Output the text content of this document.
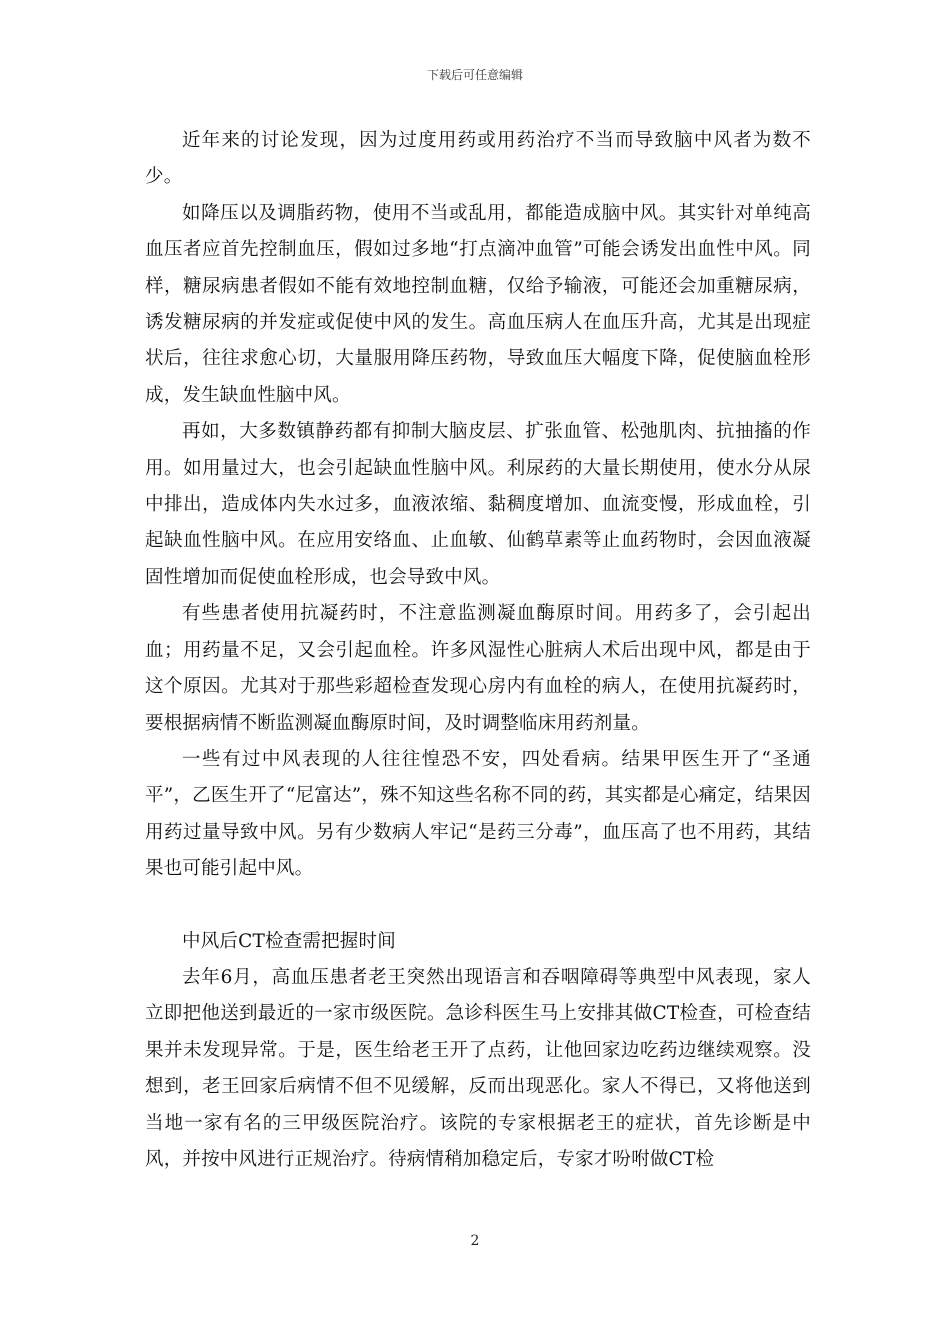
下载后可任意编辑

近年来的讨论发现，因为过度用药或用药治疗不当而导致脑中风者为数不少。

如降压以及调脂药物，使用不当或乱用，都能造成脑中风。其实针对单纯高血压者应首先控制血压，假如过多地“打点滴冲血管”可能会诱发出血性中风。同样，糖尿病患者假如不能有效地控制血糖，仅给予输液，可能还会加重糖尿病，诱发糖尿病的并发症或促使中风的发生。高血压病人在血压升高，尤其是出现症状后，往往求愈心切，大量服用降压药物，导致血压大幅度下降，促使脑血栓形成，发生缺血性脑中风。

再如，大多数镇静药都有抑制大脑皮层、扩张血管、松弛肌肉、抗抽搐的作用。如用量过大，也会引起缺血性脑中风。利尿药的大量长期使用，使水分从尿中排出，造成体内失水过多，血液浓缩、黏稠度增加、血流变慢，形成血栓，引起缺血性脑中风。在应用安络血、止血敏、仙鹤草素等止血药物时，会因血液凝固性增加而促使血栓形成，也会导致中风。

有些患者使用抗凝药时，不注意监测凝血酶原时间。用药多了，会引起出血；用药量不足，又会引起血栓。许多风湿性心脏病人术后出现中风，都是由于这个原因。尤其对于那些彩超检查发现心房内有血栓的病人，在使用抗凝药时，要根据病情不断监测凝血酶原时间，及时调整临床用药剂量。

一些有过中风表现的人往往惶恐不安，四处看病。结果甲医生开了“圣通平”，乙医生开了“尼富达”，殊不知这些名称不同的药，其实都是心痛定，结果因用药过量导致中风。另有少数病人牢记“是药三分毒”，血压高了也不用药，其结果也可能引起中风。

中风后CT检查需把握时间

去年6月，高血压患者老王突然出现语言和吞咽障碍等典型中风表现，家人立即把他送到最近的一家市级医院。急诊科医生马上安排其做CT检查，可检查结果并未发现异常。于是，医生给老王开了点药，让他回家边吃药边继续观察。没想到，老王回家后病情不但不见缓解，反而出现恶化。家人不得已，又将他送到当地一家有名的三甲级医院治疗。该院的专家根据老王的症状，首先诊断是中风，并按中风进行正规治疗。待病情稍加稳定后，专家才吩咐做CT检

2
